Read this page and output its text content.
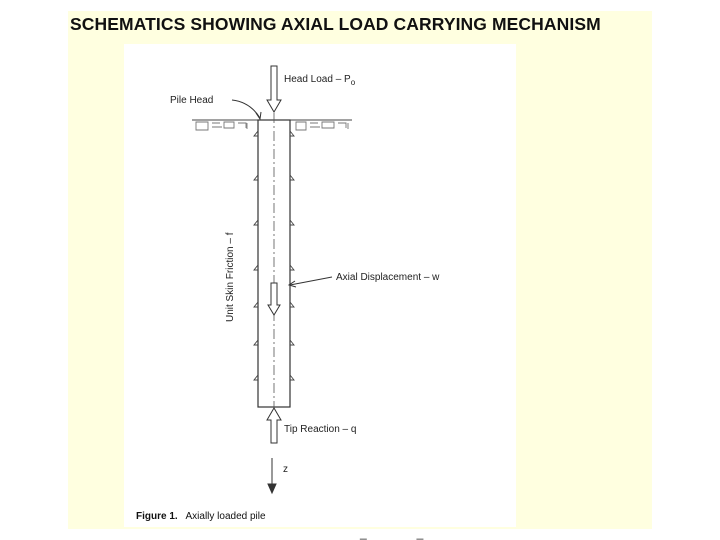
SCHEMATICS SHOWING AXIAL LOAD CARRYING MECHANISM
Head Load – $P_o$
Pile Head
Unit Skin Friction – f	Axial Displacement – w
Tip Reaction – q
z
Figure 1. Axially loaded pile
__
